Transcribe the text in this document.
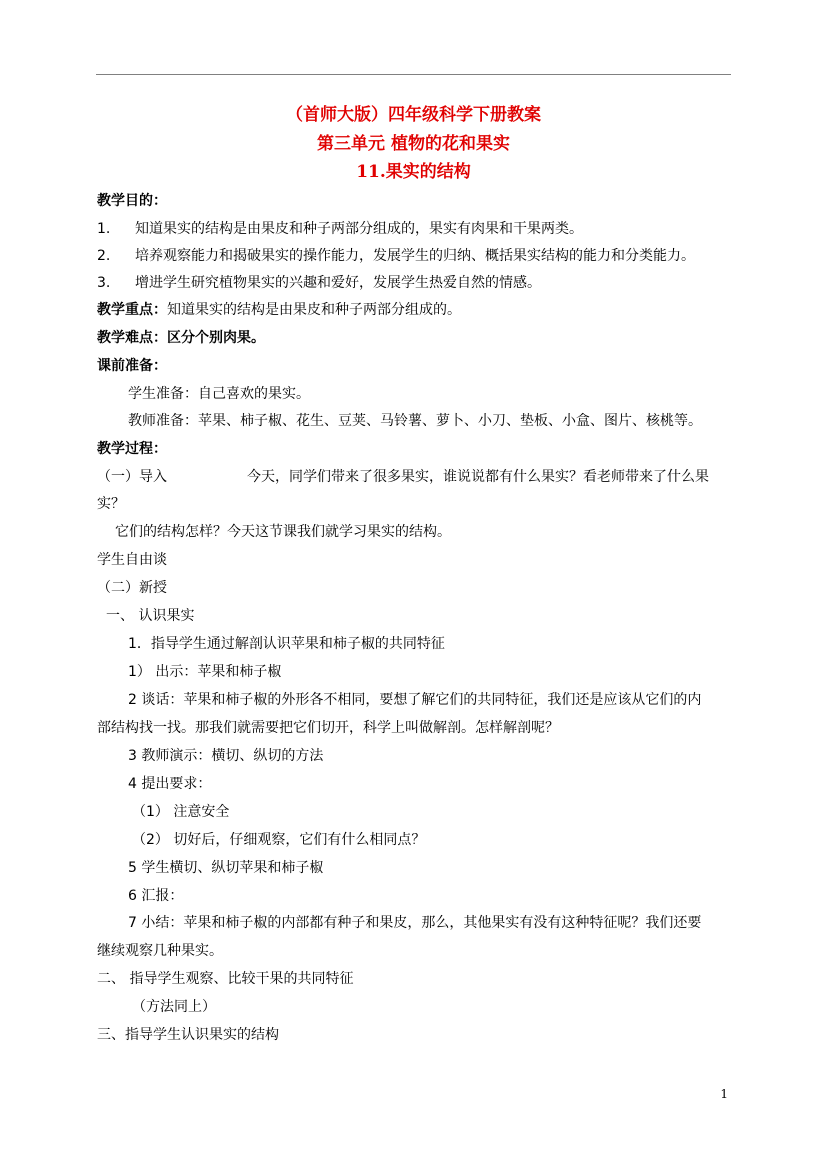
（首师大版）四年级科学下册教案
第三单元 植物的花和果实
11.果实的结构
教学目的：
1. 知道果实的结构是由果皮和种子两部分组成的，果实有肉果和干果两类。
2. 培养观察能力和揭破果实的操作能力，发展学生的归纳、概括果实结构的能力和分类能力。
3. 增进学生研究植物果实的兴趣和爱好，发展学生热爱自然的情感。
教学重点：知道果实的结构是由果皮和种子两部分组成的。
教学难点：区分个别肉果。
课前准备：
学生准备：自己喜欢的果实。
教师准备：苹果、柿子椒、花生、豆荚、马铃薯、萝卜、小刀、垫板、小盒、图片、核桃等。
教学过程：
（一）导入	今天，同学们带来了很多果实，谁说说都有什么果实？看老师带来了什么果
实？
它们的结构怎样？今天这节课我们就学习果实的结构。
学生自由谈
（二）新授
一、 认识果实
1．指导学生通过解剖认识苹果和柿子椒的共同特征
1） 出示：苹果和柿子椒
2 谈话：苹果和柿子椒的外形各不相同，要想了解它们的共同特征，我们还是应该从它们的内
部结构找一找。那我们就需要把它们切开，科学上叫做解剖。怎样解剖呢？
3 教师演示：横切、纵切的方法
4 提出要求：
（1） 注意安全
（2） 切好后，仔细观察，它们有什么相同点？
5 学生横切、纵切苹果和柿子椒
6 汇报：
7 小结：苹果和柿子椒的内部都有种子和果皮，那么，其他果实有没有这种特征呢？我们还要
继续观察几种果实。
二、 指导学生观察、比较干果的共同特征
（方法同上）
三、指导学生认识果实的结构
1
